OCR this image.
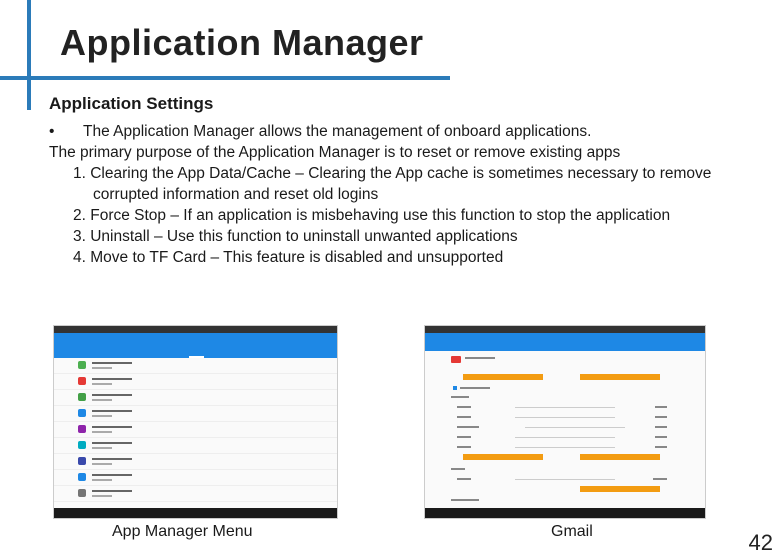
Application Manager
Application Settings

• The Application Manager allows the management of onboard applications.
The primary purpose of the Application Manager is to reset or remove existing apps

1. Clearing the App Data/Cache – Clearing the App cache is sometimes necessary to remove corrupted information and reset old logins
2. Force Stop – If an application is misbehaving use this function to stop the application
3. Uninstall – Use this function to uninstall unwanted applications
4. Move to TF Card – This feature is disabled and unsupported
App Manager Menu	Gmail	42
